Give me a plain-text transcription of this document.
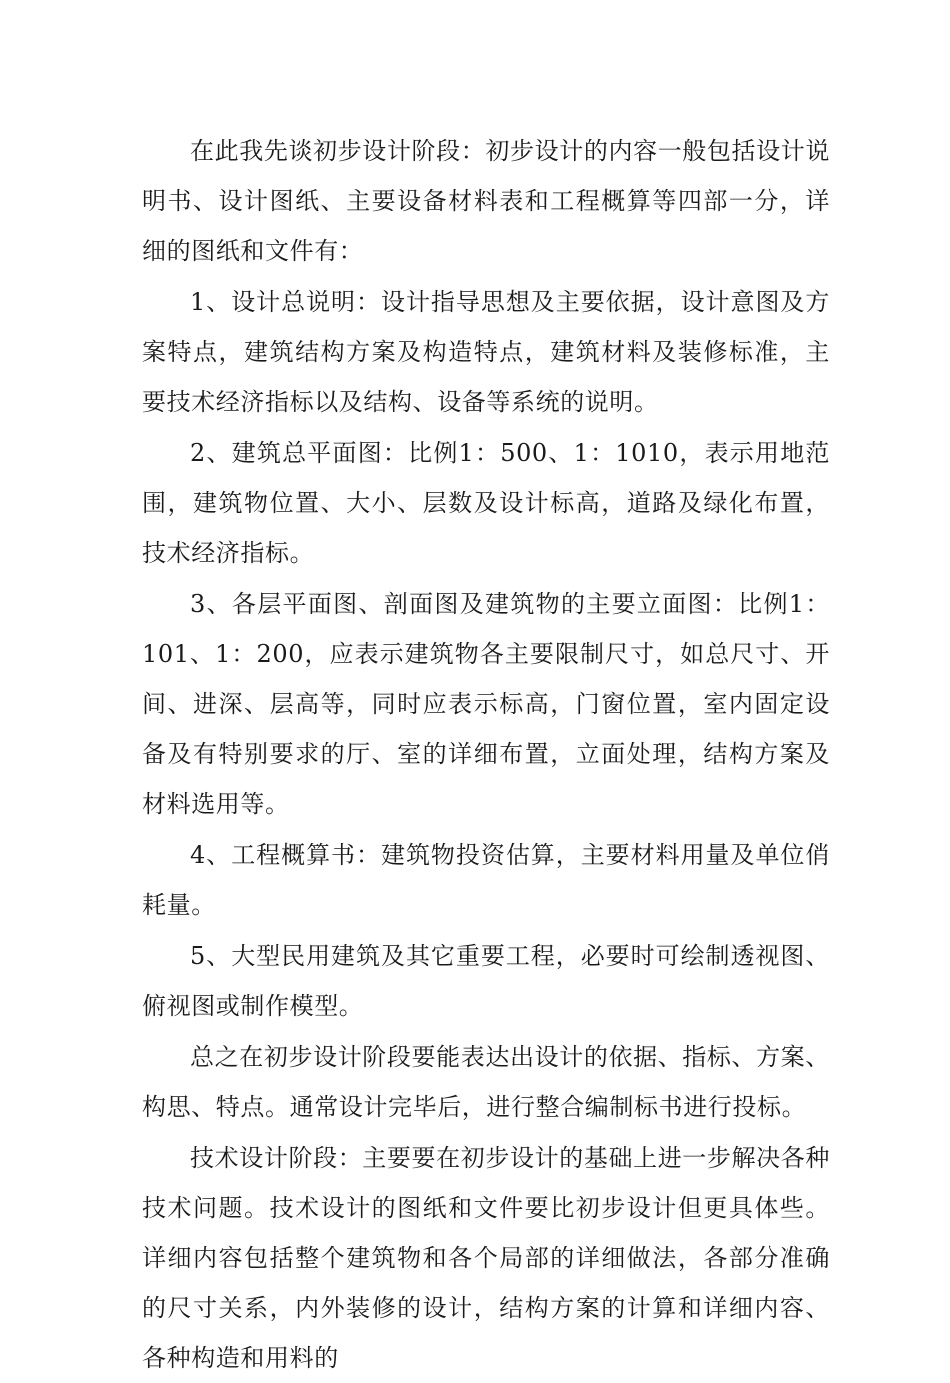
在此我先谈初步设计阶段：初步设计的内容一般包括设计说明书、设计图纸、主要设备材料表和工程概算等四部一分，详细的图纸和文件有：

1、设计总说明：设计指导思想及主要依据，设计意图及方案特点，建筑结构方案及构造特点，建筑材料及装修标准，主要技术经济指标以及结构、设备等系统的说明。

2、建筑总平面图：比例1：500、1：1010，表示用地范围，建筑物位置、大小、层数及设计标高，道路及绿化布置，技术经济指标。

3、各层平面图、剖面图及建筑物的主要立面图：比例1：101、1：200，应表示建筑物各主要限制尺寸，如总尺寸、开间、进深、层高等，同时应表示标高，门窗位置，室内固定设备及有特别要求的厅、室的详细布置，立面处理，结构方案及材料选用等。

4、工程概算书：建筑物投资估算，主要材料用量及单位俏耗量。

5、大型民用建筑及其它重要工程，必要时可绘制透视图、俯视图或制作模型。

总之在初步设计阶段要能表达出设计的依据、指标、方案、构思、特点。通常设计完毕后，进行整合编制标书进行投标。

技术设计阶段：主要要在初步设计的基础上进一步解决各种技术问题。技术设计的图纸和文件要比初步设计但更具体些。详细内容包括整个建筑物和各个局部的详细做法，各部分准确的尺寸关系，内外装修的设计，结构方案的计算和详细内容、各种构造和用料的
